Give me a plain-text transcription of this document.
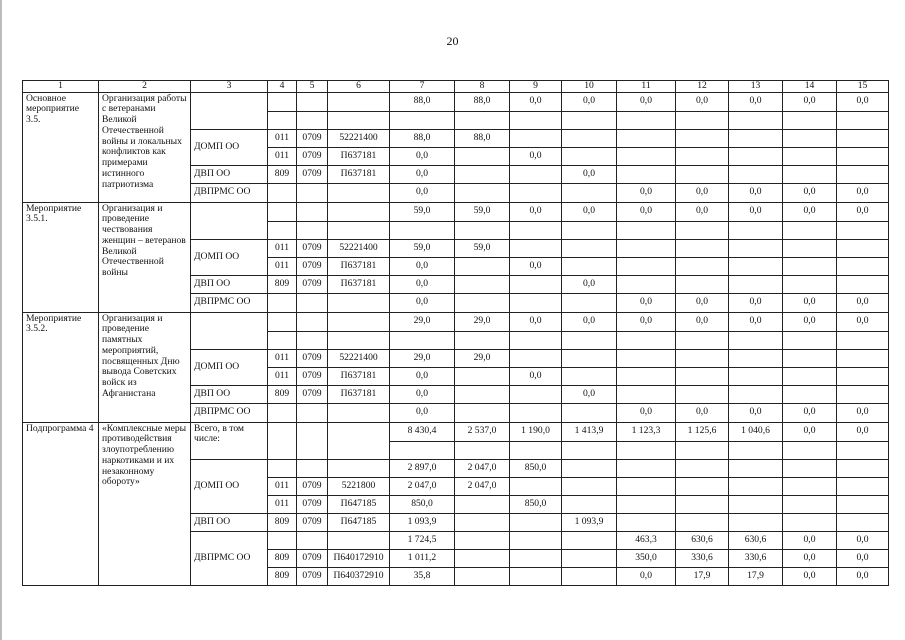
20
1	2	3	4	5	6	7	8	9	10	11	12	13	14	15
Основное мероприятие 3.5.	Организация работы с ветеранами Великой Отечественной войны и локальных конфликтов как примерами истинного патриотизма					88,0	88,0	0,0	0,0	0,0	0,0	0,0	0,0	0,0

		ДОМП ОО	011	0709	52221400	88,0	88,0							
			011	0709	П637181	0,0		0,0						
		ДВП ОО	809	0709	П637181	0,0			0,0					
		ДВПРМС ОО				0,0				0,0	0,0	0,0	0,0	0,0
Мероприятие 3.5.1.	Организация и проведение чествования женщин – ветеранов Великой Отечественной войны					59,0	59,0	0,0	0,0	0,0	0,0	0,0	0,0	0,0

		ДОМП ОО	011	0709	52221400	59,0	59,0							
			011	0709	П637181	0,0		0,0						
		ДВП ОО	809	0709	П637181	0,0			0,0					
		ДВПРМС ОО				0,0				0,0	0,0	0,0	0,0	0,0
Мероприятие 3.5.2.	Организация и проведение памятных мероприятий, посвященных Дню вывода Советских войск из Афганистана					29,0	29,0	0,0	0,0	0,0	0,0	0,0	0,0	0,0

		ДОМП ОО	011	0709	52221400	29,0	29,0							
			011	0709	П637181	0,0		0,0						
		ДВП ОО	809	0709	П637181	0,0			0,0					
		ДВПРМС ОО				0,0				0,0	0,0	0,0	0,0	0,0
Подпрограмма 4	«Комплексные меры противодействия злоупотреблению наркотиками и их незаконному обороту»	Всего, в том числе:				8 430,4	2 537,0	1 190,0	1 413,9	1 123,3	1 125,6	1 040,6	0,0	0,0

		ДОМП ОО				2 897,0	2 047,0	850,0						
			011	0709	5221800	2 047,0	2 047,0							
			011	0709	П647185	850,0		850,0						
		ДВП ОО	809	0709	П647185	1 093,9			1 093,9					
		ДВПРМС ОО				1 724,5				463,3	630,6	630,6	0,0	0,0
			809	0709	П640172910	1 011,2				350,0	330,6	330,6	0,0	0,0
			809	0709	П640372910	35,8				0,0	17,9	17,9	0,0	0,0
